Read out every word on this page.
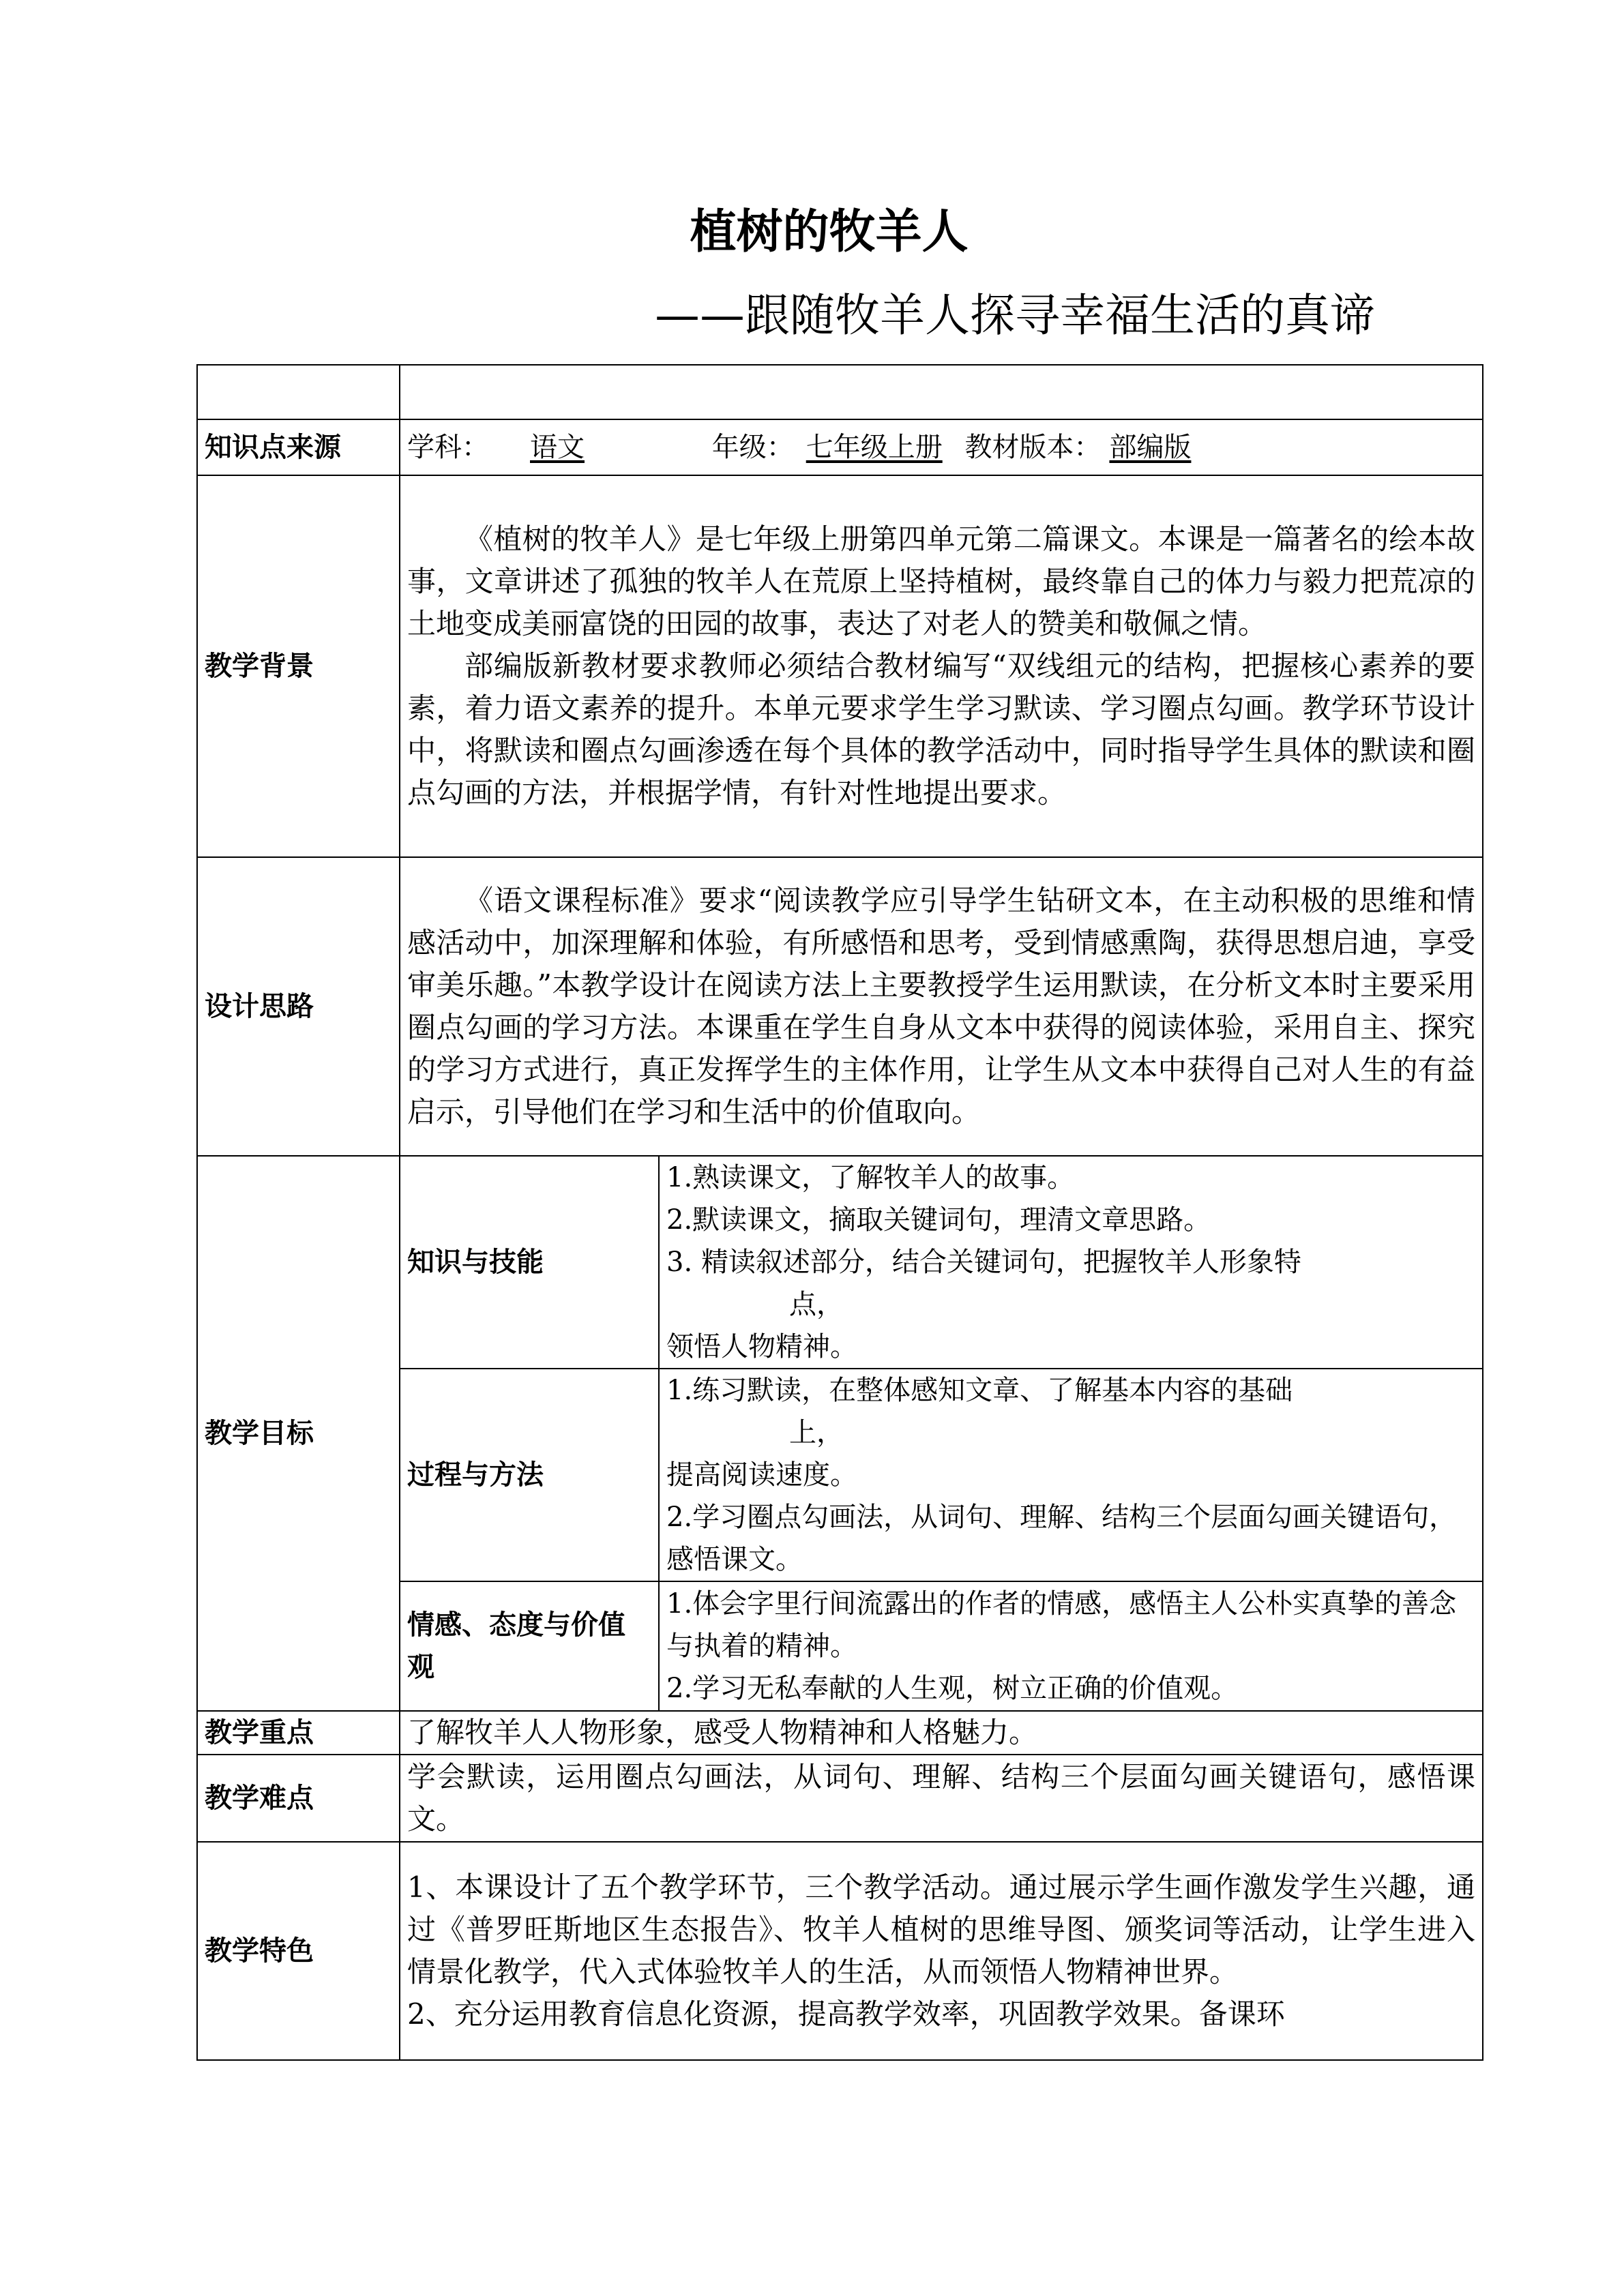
植树的牧羊人
——跟随牧羊人探寻幸福生活的真谛

知识点来源	学科： 语文 年级： 七年级上册 教材版本： 部编版	
教学背景	《植树的牧羊人》是七年级上册第四单元第二篇课文。本课是一篇著名的绘本故事，文章讲述了孤独的牧羊人在荒原上坚持植树，最终靠自己的体力与毅力把荒凉的土地变成美丽富饶的田园的故事，表达了对老人的赞美和敬佩之情。

部编版新教材要求教师必须结合教材编写“双线组元的结构，把握核心素养的要素，着力语文素养的提升。本单元要求学生学习默读、学习圈点勾画。教学环节设计中，将默读和圈点勾画渗透在每个具体的教学活动中，同时指导学生具体的默读和圈点勾画的方法，并根据学情，有针对性地提出要求。	

设计思路	《语文课程标准》要求“阅读教学应引导学生钻研文本，在主动积极的思维和情感活动中，加深理解和体验，有所感悟和思考，受到情感熏陶，获得思想启迪，享受审美乐趣。”本教学设计在阅读方法上主要教授学生运用默读，在分析文本时主要采用圈点勾画的学习方法。本课重在学生自身从文本中获得的阅读体验，采用自主、探究的学习方式进行，真正发挥学生的主体作用，让学生从文本中获得自己对人生的有益启示，引导他们在学习和生活中的价值取向。	

教学目标	知识与技能	1.熟读课文，了解牧羊人的故事。

2.默读课文，摘取关键词句，理清文章思路。

3. 精读叙述部分，结合关键词句，把握牧羊人形象特

点，

领悟人物精神。

	过程与方法	1.练习默读，在整体感知文章、了解基本内容的基础

上，

提高阅读速度。

2.学习圈点勾画法，从词句、理解、结构三个层面勾画关键语句，感悟课文。

	情感、态度与价值观	1.体会字里行间流露出的作者的情感，感悟主人公朴实真挚的善念与执着的精神。

2.学习无私奉献的人生观，树立正确的价值观。

教学重点	了解牧羊人人物形象，感受人物精神和人格魅力。	
教学难点	学会默读，运用圈点勾画法，从词句、理解、结构三个层面勾画关键语句，感悟课文。	
教学特色	1、本课设计了五个教学环节，三个教学活动。通过展示学生画作激发学生兴趣，通过《普罗旺斯地区生态报告》、牧羊人植树的思维导图、颁奖词等活动，让学生进入情景化教学，代入式体验牧羊人的生活，从而领悟人物精神世界。

2、充分运用教育信息化资源，提高教学效率，巩固教学效果。备课环	
